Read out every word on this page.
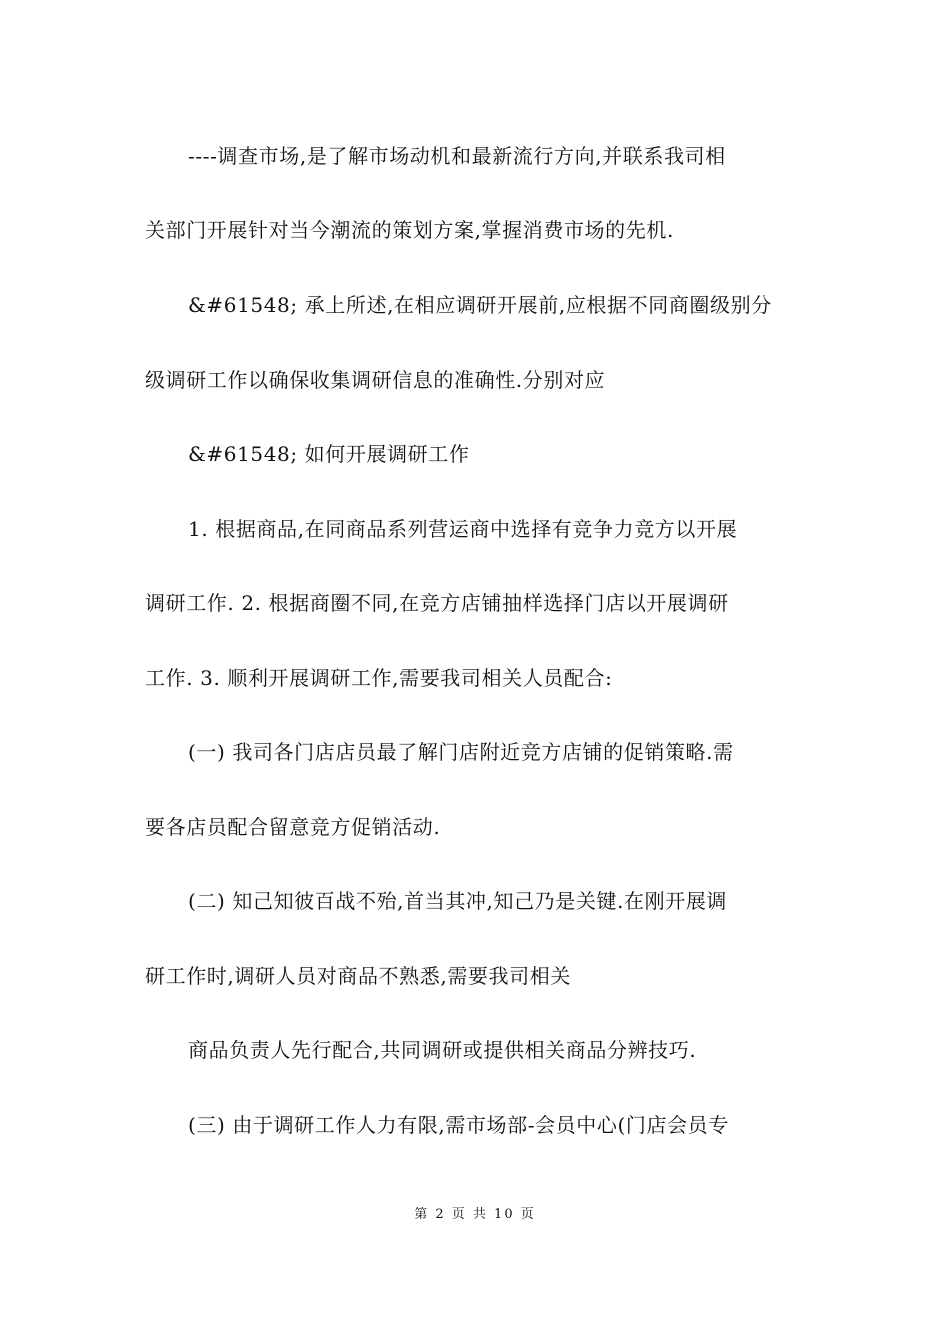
----调查市场,是了解市场动机和最新流行方向,并联系我司相
关部门开展针对当今潮流的策划方案,掌握消费市场的先机.
&#61548; 承上所述,在相应调研开展前,应根据不同商圈级别分
级调研工作以确保收集调研信息的准确性.分别对应
&#61548; 如何开展调研工作
1. 根据商品,在同商品系列营运商中选择有竞争力竞方以开展
调研工作. 2. 根据商圈不同,在竞方店铺抽样选择门店以开展调研
工作. 3. 顺利开展调研工作,需要我司相关人员配合:
(一) 我司各门店店员最了解门店附近竞方店铺的促销策略.需
要各店员配合留意竞方促销活动.
(二) 知己知彼百战不殆,首当其冲,知己乃是关键.在刚开展调
研工作时,调研人员对商品不熟悉,需要我司相关
商品负责人先行配合,共同调研或提供相关商品分辨技巧.
(三) 由于调研工作人力有限,需市场部-会员中心(门店会员专
第 2 页 共 10 页
